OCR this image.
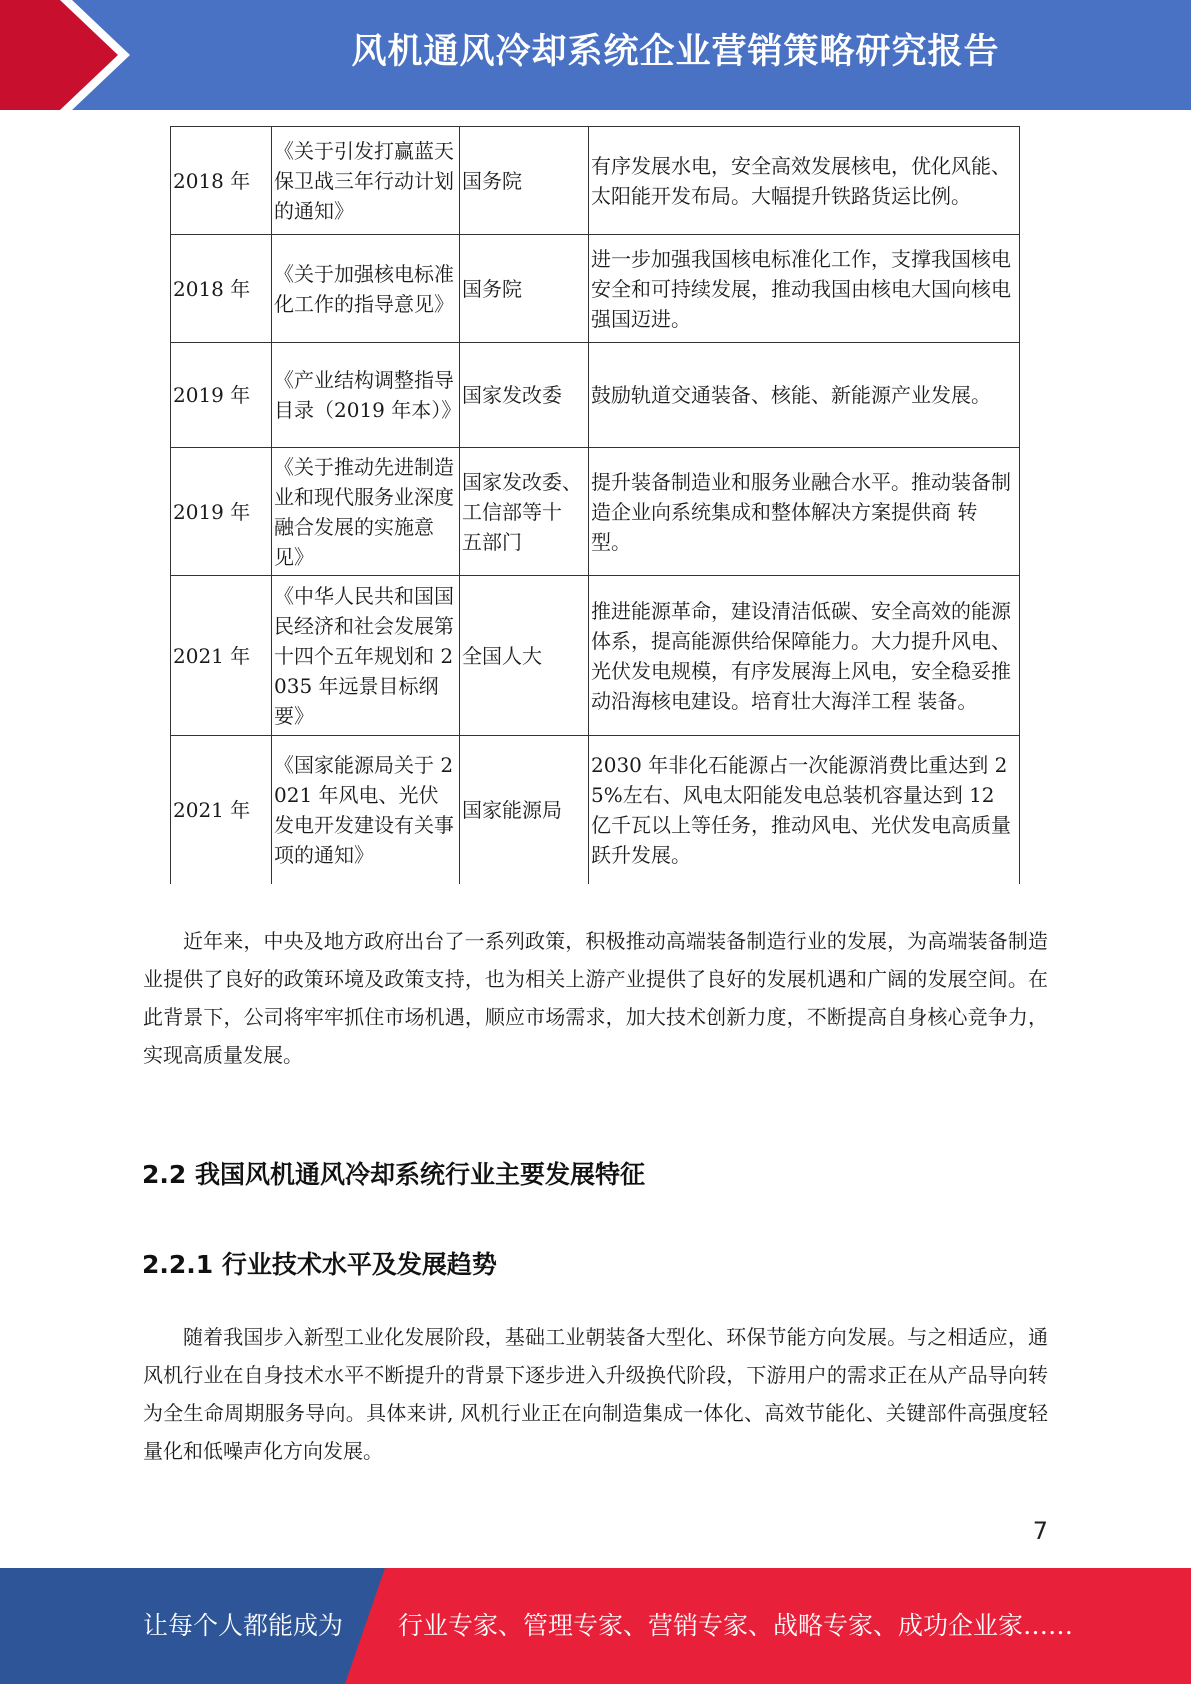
风机通风冷却系统企业营销策略研究报告
2018 年	《关于引发打赢蓝天保卫战三年行动计划的通知》	国务院	有序发展水电，安全高效发展核电，优化风能、 太阳能开发布局。大幅提升铁路货运比例。
2018 年	《关于加强核电标准化工作的指导意见》	国务院	进一步加强我国核电标准化工作，支撑我国核电安全和可持续发展，推动我国由核电大国向核电强国迈进。
2019 年	《产业结构调整指导目录（2019 年本）》	国家发改委	鼓励轨道交通装备、核能、新能源产业发展。
2019 年	《关于推动先进制造业和现代服务业深度融合发展的实施意见》	国家发改委、 工信部等十 五部门	提升装备制造业和服务业融合水平。推动装备制造企业向系统集成和整体解决方案提供商 转型。
2021 年	《中华人民共和国国民经济和社会发展第十四个五年规划和 2035 年远景目标纲要》	全国人大	推进能源革命，建设清洁低碳、安全高效的能源体系，提高能源供给保障能力。大力提升风电、光伏发电规模，有序发展海上风电，安全稳妥推动沿海核电建设。培育壮大海洋工程 装备。
2021 年	《国家能源局关于 2021 年风电、光伏发电开发建设有关事项的通知》	国家能源局	2030 年非化石能源占一次能源消费比重达到 25%左右、风电太阳能发电总装机容量达到 12 亿千瓦以上等任务，推动风电、光伏发电高质量跃升发展。

近年来，中央及地方政府出台了一系列政策，积极推动高端装备制造行业的发展，为高端装备制造业提供了良好的政策环境及政策支持，也为相关上游产业提供了良好的发展机遇和广阔的发展空间。在此背景下，公司将牢牢抓住市场机遇，顺应市场需求，加大技术创新力度，不断提高自身核心竞争力，实现高质量发展。

2.2 我国风机通风冷却系统行业主要发展特征
2.2.1 行业技术水平及发展趋势

随着我国步入新型工业化发展阶段，基础工业朝装备大型化、环保节能方向发展。与之相适应，通风机行业在自身技术水平不断提升的背景下逐步进入升级换代阶段，下游用户的需求正在从产品导向转为全生命周期服务导向。具体来讲, 风机行业正在向制造集成一体化、高效节能化、关键部件高强度轻量化和低噪声化方向发展。

7
让每个人都能成为 行业专家、管理专家、营销专家、战略专家、成功企业家……
